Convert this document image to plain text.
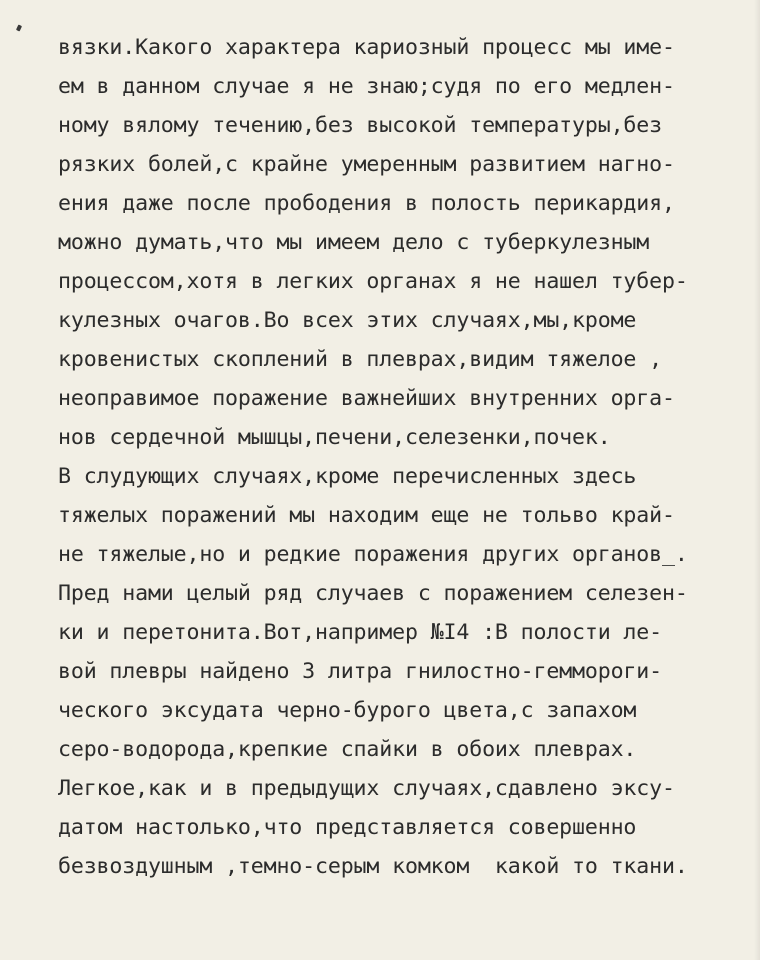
вязки.Какого характера кариозный процесс мы име-
ем в данном случае я не знаю;судя по его медлен-
ному вялому течению,без высокой температуры,без
рязких болей,с крайне умеренным развитием нагно-
ения даже после прободения в полость перикардия,
можно думать,что мы имеем дело с туберкулезным
процессом,хотя в легких органах я не нашел тубер-
кулезных очагов.Во всех этих случаях,мы,кроме
кровенистых скоплений в плеврах,видим тяжелое ,
неоправимое поражение важнейших внутренних орга-
нов сердечной мышцы,печени,селезенки,почек.
В слудующих случаях,кроме перечисленных здесь
тяжелых поражений мы находим еще не тольво край-
не тяжелые,но и редкие поражения других органов_.
Пред нами целый ряд случаев с поражением селезен-
ки и перетонита.Вот,например №I4 :В полости ле-
вой плевры найдено 3 литра гнилостно-геммороги-
ческого эксудата черно-бурого цвета,с запахом
серо-водорода,крепкие спайки в обоих плеврах.
Легкое,как и в предыдущих случаях,сдавлено эксу-
датом настолько,что представляется совершенно
безвоздушным ,темно-серым комком  какой то ткани.
